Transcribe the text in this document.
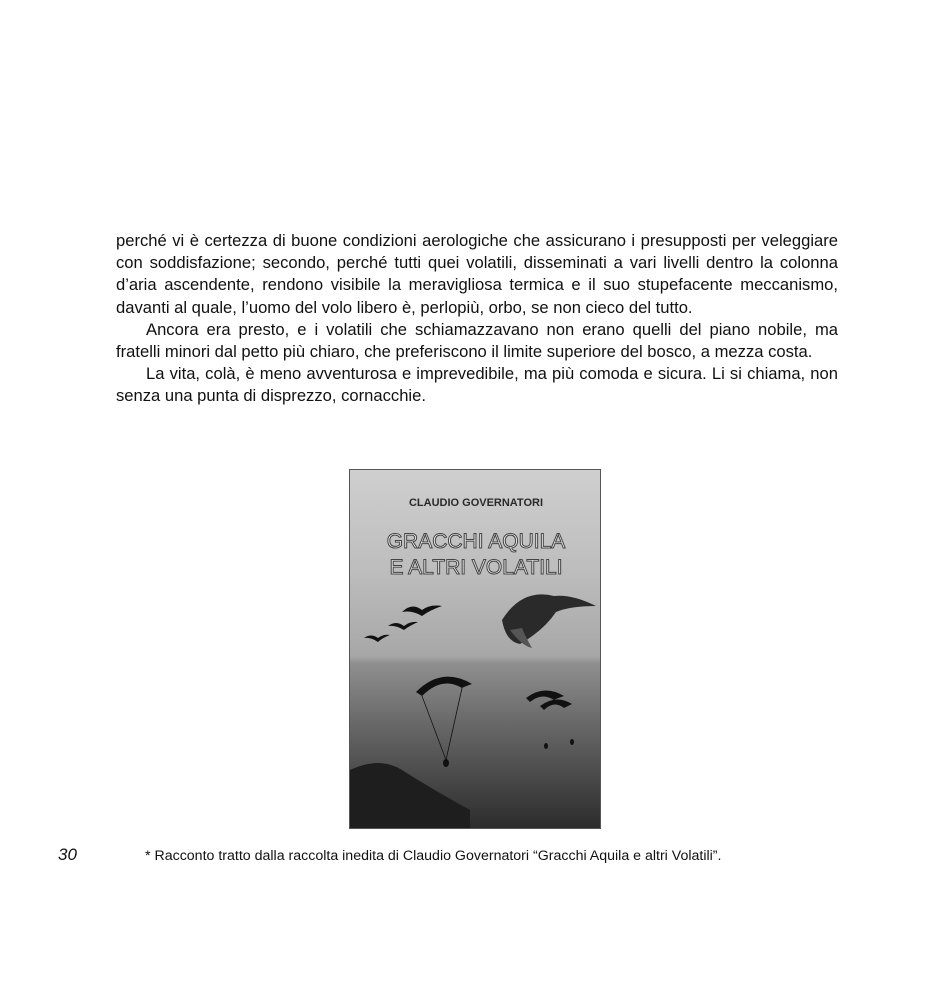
perché vi è certezza di buone condizioni aerologiche che assicurano i presupposti per veleggiare con soddisfazione; secondo, perché tutti quei volatili, disseminati a vari livelli dentro la colonna d’aria ascendente, rendono visibile la meravigliosa termica e il suo stupefacente meccanismo, davanti al quale, l’uomo del volo libero è, perlopiù, orbo, se non cieco del tutto.

Ancora era presto, e i volatili che schiamazzavano non erano quelli del piano nobile, ma fratelli minori dal petto più chiaro, che preferiscono il limite superiore del bosco, a mezza costa.

La vita, colà, è meno avventurosa e imprevedibile, ma più comoda e sicura. Li si chiama, non senza una punta di disprezzo, cornacchie.

CLAUDIO GOVERNATORI
GRACCHI AQUILA
E ALTRI VOLATILI
30	* Racconto tratto dalla raccolta inedita di Claudio Governatori “Gracchi Aquila e altri Volatili”.
